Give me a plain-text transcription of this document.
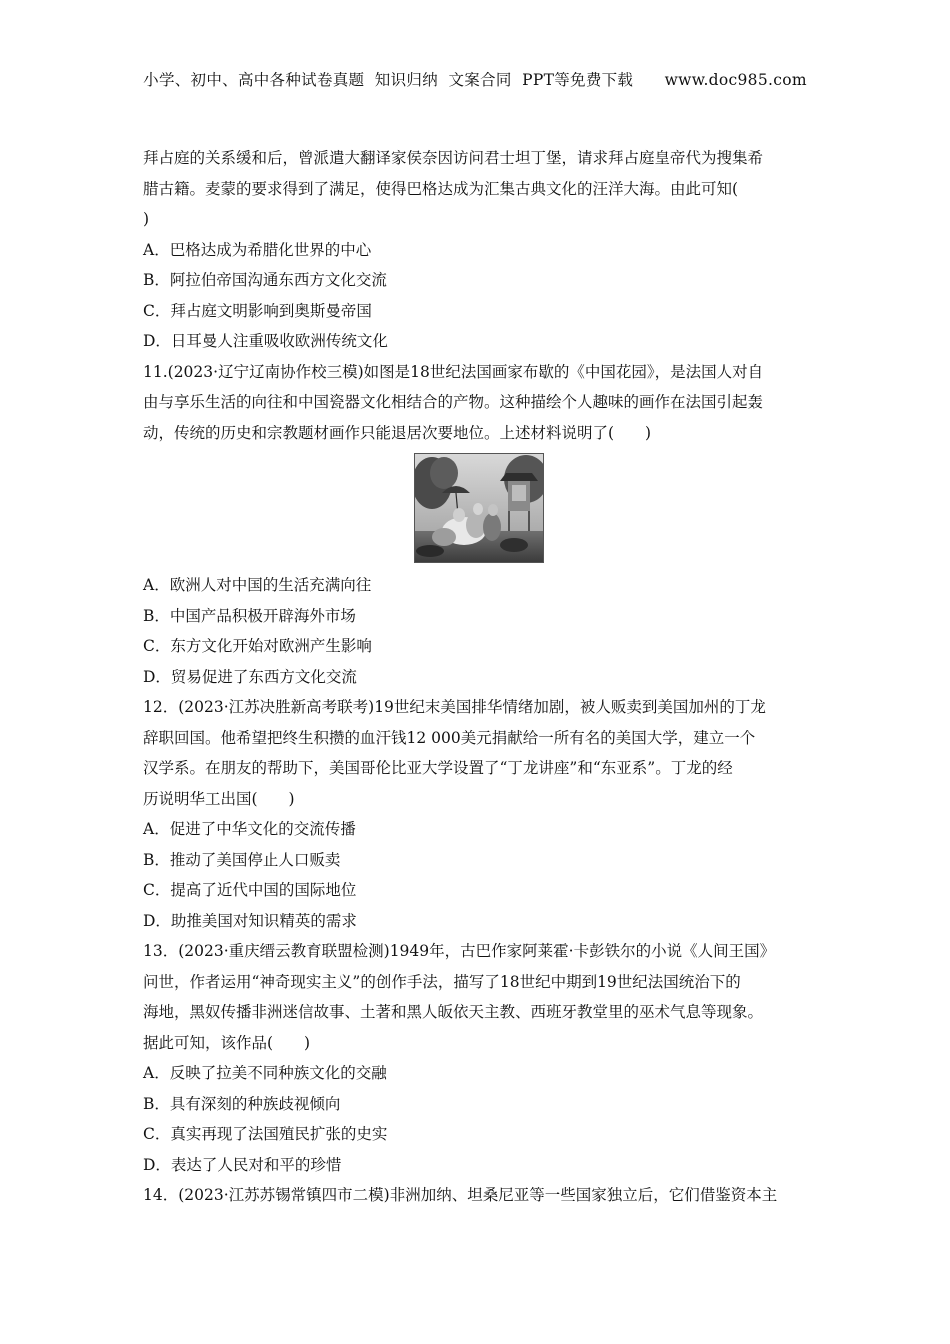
小学、初中、高中各种试卷真题  知识归纳  文案合同  PPT等免费下载      www.doc985.com

拜占庭的关系缓和后，曾派遣大翻译家侯奈因访问君士坦丁堡，请求拜占庭皇帝代为搜集希

腊古籍。麦蒙的要求得到了满足，使得巴格达成为汇集古典文化的汪洋大海。由此可知(

)

A．巴格达成为希腊化世界的中心

B．阿拉伯帝国沟通东西方文化交流

C．拜占庭文明影响到奥斯曼帝国

D．日耳曼人注重吸收欧洲传统文化

11.(2023·辽宁辽南协作校三模)如图是18世纪法国画家布歇的《中国花园》，是法国人对自

由与享乐生活的向往和中国瓷器文化相结合的产物。这种描绘个人趣味的画作在法国引起轰

动，传统的历史和宗教题材画作只能退居次要地位。上述材料说明了(　　)

A．欧洲人对中国的生活充满向往

B．中国产品积极开辟海外市场

C．东方文化开始对欧洲产生影响

D．贸易促进了东西方文化交流

12．(2023·江苏决胜新高考联考)19世纪末美国排华情绪加剧，被人贩卖到美国加州的丁龙

辞职回国。他希望把终生积攒的血汗钱12 000美元捐献给一所有名的美国大学，建立一个

汉学系。在朋友的帮助下，美国哥伦比亚大学设置了“丁龙讲座”和“东亚系”。丁龙的经

历说明华工出国(　　)

A．促进了中华文化的交流传播

B．推动了美国停止人口贩卖

C．提高了近代中国的国际地位

D．助推美国对知识精英的需求

13．(2023·重庆缙云教育联盟检测)1949年，古巴作家阿莱霍·卡彭铁尔的小说《人间王国》

问世，作者运用“神奇现实主义”的创作手法，描写了18世纪中期到19世纪法国统治下的

海地，黑奴传播非洲迷信故事、土著和黑人皈依天主教、西班牙教堂里的巫术气息等现象。

据此可知，该作品(　　)

A．反映了拉美不同种族文化的交融

B．具有深刻的种族歧视倾向

C．真实再现了法国殖民扩张的史实

D．表达了人民对和平的珍惜

14．(2023·江苏苏锡常镇四市二模)非洲加纳、坦桑尼亚等一些国家独立后，它们借鉴资本主
